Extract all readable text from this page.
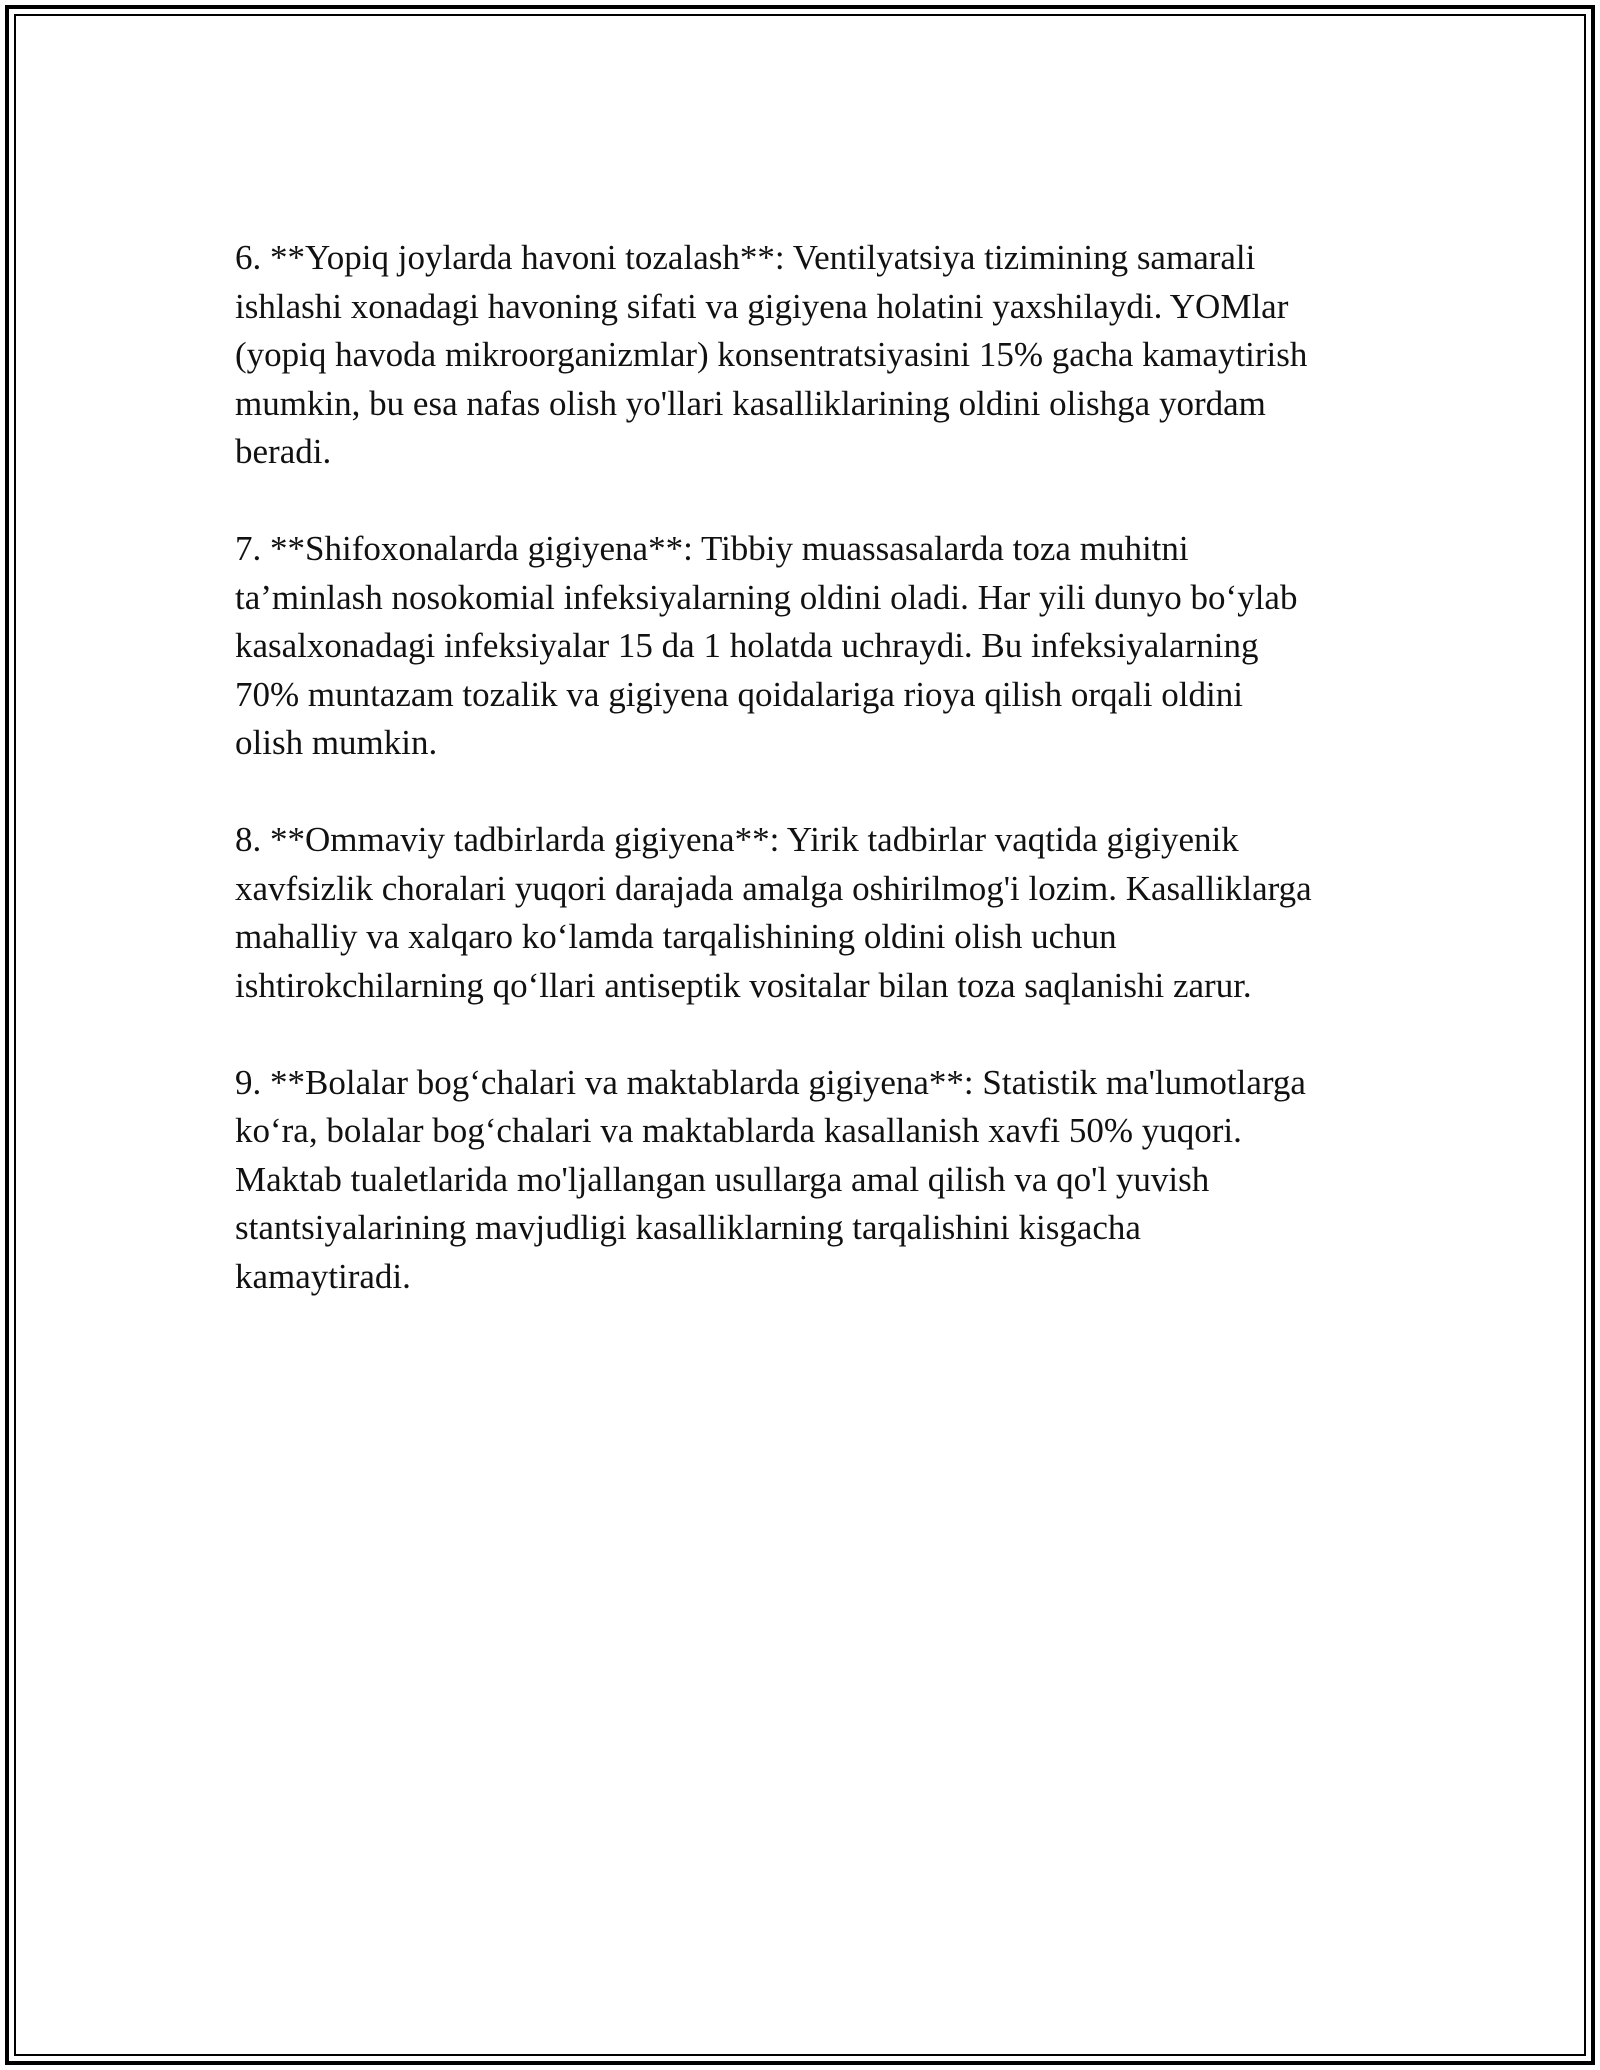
6. **Yopiq joylarda havoni tozalash**: Ventilyatsiya tizimining samarali
ishlashi xonadagi havoning sifati va gigiyena holatini yaxshilaydi. YOMlar
(yopiq havoda mikroorganizmlar) konsentratsiyasini 15% gacha kamaytirish
mumkin, bu esa nafas olish yo'llari kasalliklarining oldini olishga yordam
beradi.

7. **Shifoxonalarda gigiyena**: Tibbiy muassasalarda toza muhitni
ta’minlash nosokomial infeksiyalarning oldini oladi. Har yili dunyo bo‘ylab
kasalxonadagi infeksiyalar 15 da 1 holatda uchraydi. Bu infeksiyalarning
70% muntazam tozalik va gigiyena qoidalariga rioya qilish orqali oldini
olish mumkin.

8. **Ommaviy tadbirlarda gigiyena**: Yirik tadbirlar vaqtida gigiyenik
xavfsizlik choralari yuqori darajada amalga oshirilmog'i lozim. Kasalliklarga
mahalliy va xalqaro ko‘lamda tarqalishining oldini olish uchun
ishtirokchilarning qo‘llari antiseptik vositalar bilan toza saqlanishi zarur.

9. **Bolalar bog‘chalari va maktablarda gigiyena**: Statistik ma'lumotlarga
ko‘ra, bolalar bog‘chalari va maktablarda kasallanish xavfi 50% yuqori.
Maktab tualetlarida mo'ljallangan usullarga amal qilish va qo'l yuvish
stantsiyalarining mavjudligi kasalliklarning tarqalishini kisgacha
kamaytiradi.
